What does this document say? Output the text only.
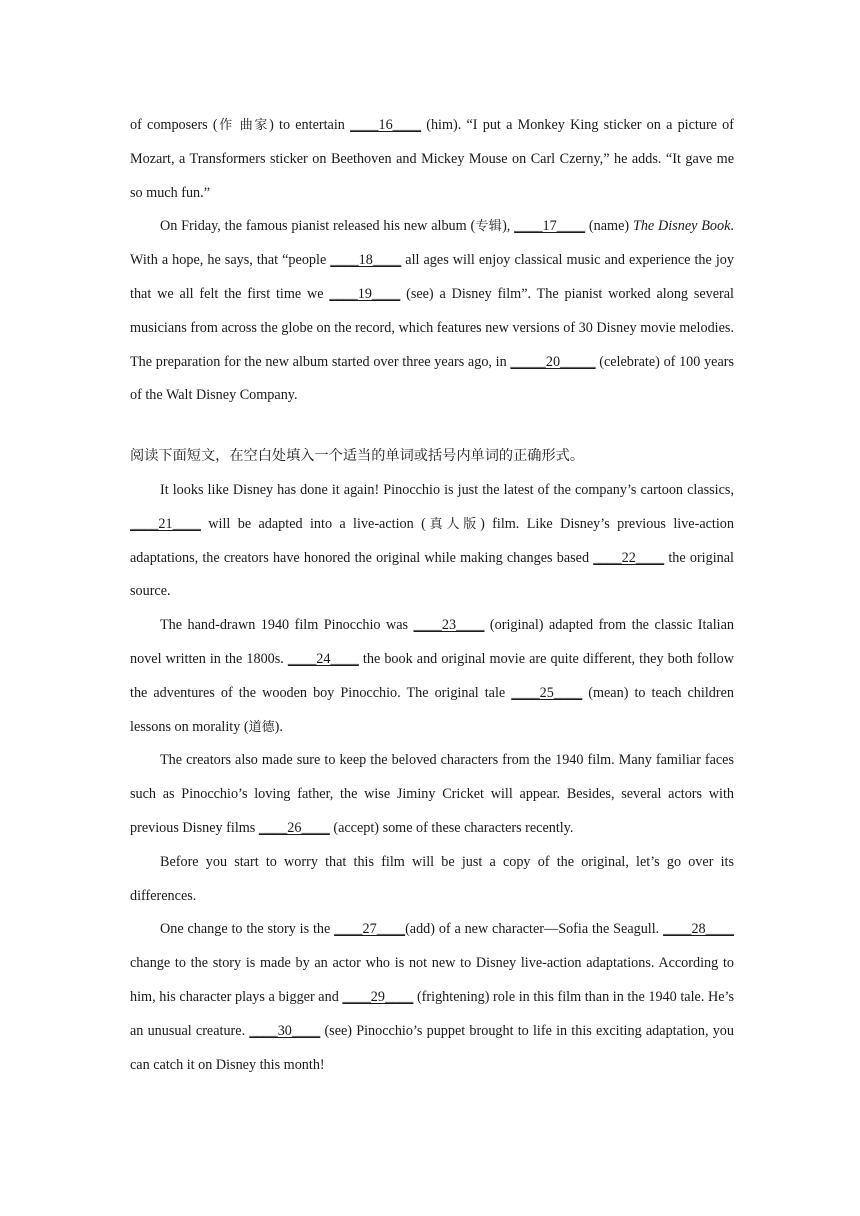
of composers (作 曲家) to entertain ____16____ (him). “I put a Monkey King sticker on a picture of Mozart, a Transformers sticker on Beethoven and Mickey Mouse on Carl Czerny,” he adds. “It gave me so much fun.”

On Friday, the famous pianist released his new album (专辑), ____17____ (name) The Disney Book. With a hope, he says, that “people ____18____ all ages will enjoy classical music and experience the joy that we all felt the first time we ____19____ (see) a Disney film”. The pianist worked along several musicians from across the globe on the record, which features new versions of 30 Disney movie melodies. The preparation for the new album started over three years ago, in _____20_____ (celebrate) of 100 years of the Walt Disney Company.

阅读下面短文，在空白处填入一个适当的单词或括号内单词的正确形式。

It looks like Disney has done it again! Pinocchio is just the latest of the company’s cartoon classics, ____21____ will be adapted into a live-action (真人版) film. Like Disney’s previous live-action adaptations, the creators have honored the original while making changes based ____22____ the original source.

The hand-drawn 1940 film Pinocchio was ____23____ (original) adapted from the classic Italian novel written in the 1800s. ____24____ the book and original movie are quite different, they both follow the adventures of the wooden boy Pinocchio. The original tale ____25____ (mean) to teach children lessons on morality (道德).

The creators also made sure to keep the beloved characters from the 1940 film. Many familiar faces such as Pinocchio’s loving father, the wise Jiminy Cricket will appear. Besides, several actors with previous Disney films ____26____ (accept) some of these characters recently.

Before you start to worry that this film will be just a copy of the original, let’s go over its differences.

One change to the story is the ____27____(add) of a new character—Sofia the Seagull. ____28____ change to the story is made by an actor who is not new to Disney live-action adaptations. According to him, his character plays a bigger and ____29____ (frightening) role in this film than in the 1940 tale. He’s an unusual creature. ____30____ (see) Pinocchio’s puppet brought to life in this exciting adaptation, you can catch it on Disney this month!
